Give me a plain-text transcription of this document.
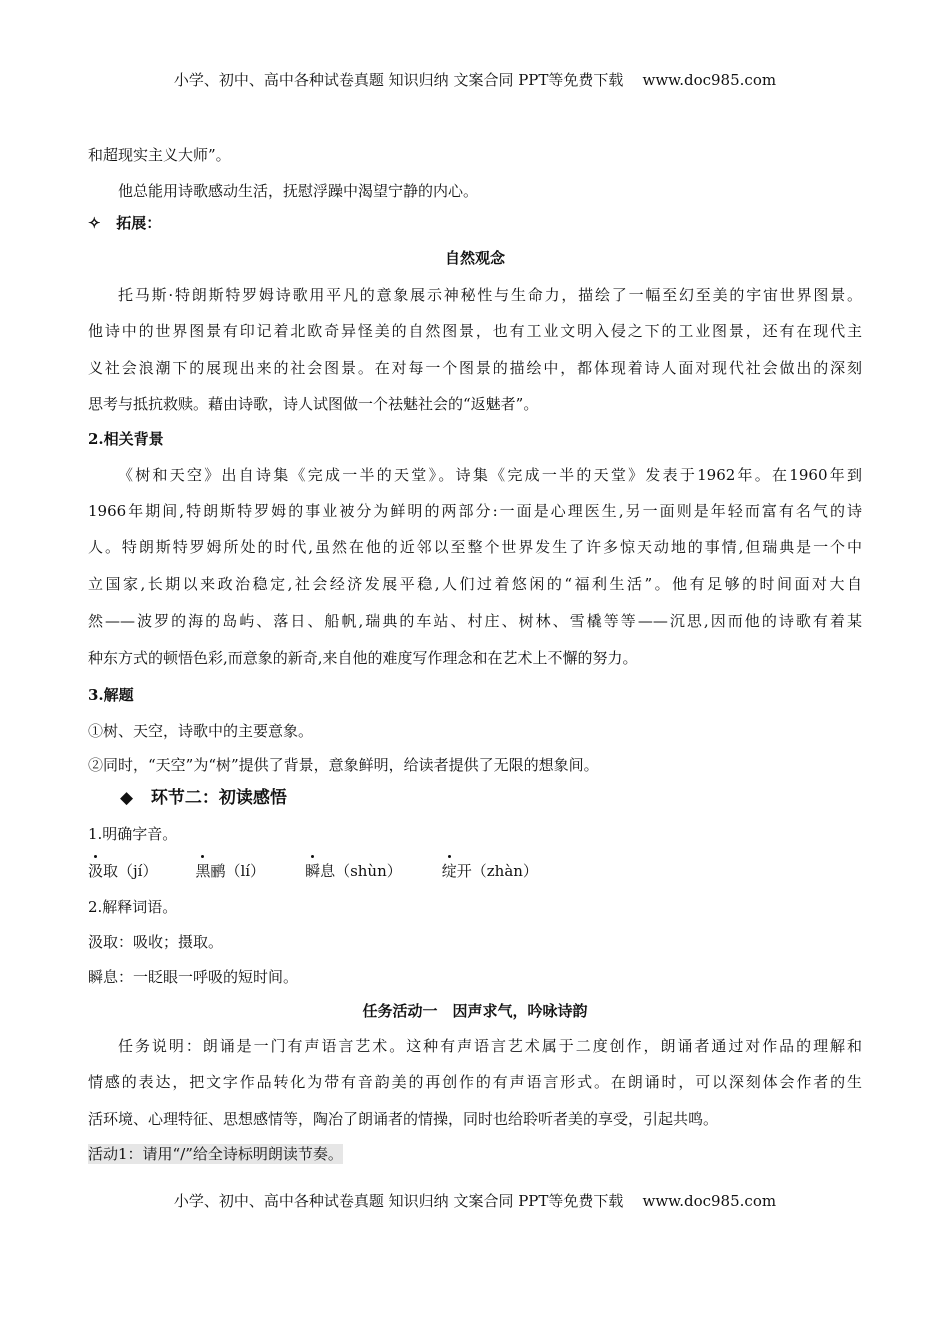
小学、初中、高中各种试卷真题 知识归纳 文案合同 PPT等免费下载    www.doc985.com
和超现实主义大师”。
他总能用诗歌感动生活，抚慰浮躁中渴望宁静的内心。
✧ 拓展：
自然观念
托马斯·特朗斯特罗姆诗歌用平凡的意象展示神秘性与生命力，描绘了一幅至幻至美的宇宙世界图景。
他诗中的世界图景有印记着北欧奇异怪美的自然图景，也有工业文明入侵之下的工业图景，还有在现代主
义社会浪潮下的展现出来的社会图景。在对每一个图景的描绘中，都体现着诗人面对现代社会做出的深刻
思考与抵抗救赎。藉由诗歌，诗人试图做一个祛魅社会的“返魅者”。
2.相关背景
《树和天空》出自诗集《完成一半的天堂》。诗集《完成一半的天堂》发表于1962年。在1960年到
1966年期间,特朗斯特罗姆的事业被分为鲜明的两部分:一面是心理医生,另一面则是年轻而富有名气的诗
人。特朗斯特罗姆所处的时代,虽然在他的近邻以至整个世界发生了许多惊天动地的事情,但瑞典是一个中
立国家,长期以来政治稳定,社会经济发展平稳,人们过着悠闲的“福利生活”。他有足够的时间面对大自
然——波罗的海的岛屿、落日、船帆,瑞典的车站、村庄、树林、雪橇等等——沉思,因而他的诗歌有着某
种东方式的顿悟色彩,而意象的新奇,来自他的难度写作理念和在艺术上不懈的努力。
3.解题
①树、天空，诗歌中的主要意象。
②同时，“天空”为“树”提供了背景，意象鲜明，给读者提供了无限的想象间。
◆ 环节二：初读感悟
1.明确字音。
汲取（jí）	黑鹂（lí）	瞬息（shùn）	绽开（zhàn）
2.解释词语。
汲取：吸收；摄取。
瞬息：一眨眼一呼吸的短时间。
任务活动一　因声求气，吟咏诗韵
任务说明：朗诵是一门有声语言艺术。这种有声语言艺术属于二度创作，朗诵者通过对作品的理解和
情感的表达，把文字作品转化为带有音韵美的再创作的有声语言形式。在朗诵时，可以深刻体会作者的生
活环境、心理特征、思想感情等，陶冶了朗诵者的情操，同时也给聆听者美的享受，引起共鸣。
活动1：请用“/”给全诗标明朗读节奏。
小学、初中、高中各种试卷真题 知识归纳 文案合同 PPT等免费下载    www.doc985.com
